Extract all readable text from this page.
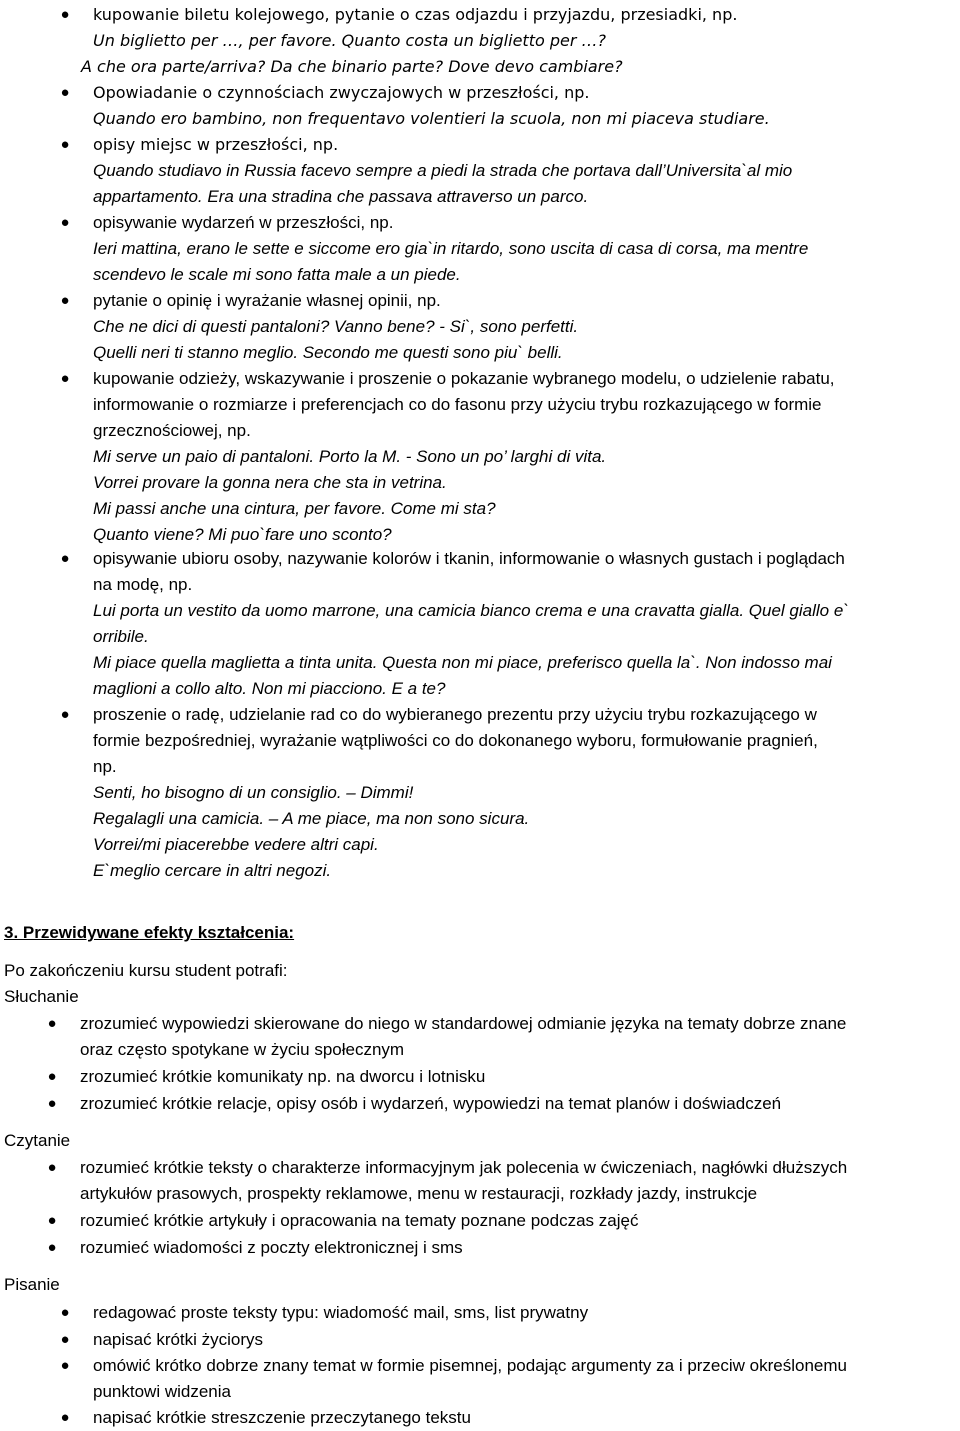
●	kupowanie biletu kolejowego, pytanie o czas odjazdu i przyjazdu, przesiadki, np.
Un biglietto per …, per favore. Quanto costa un biglietto per …?
A che ora parte/arriva? Da che binario parte? Dove devo cambiare?
●	Opowiadanie o czynnościach zwyczajowych w przeszłości, np.
Quando ero bambino, non frequentavo volentieri la scuola, non mi piaceva studiare.
●	opisy miejsc w przeszłości, np.
Quando studiavo in Russia facevo sempre a piedi la strada che portava dall’Universita`al mio
appartamento. Era una stradina che passava attraverso un parco.
●	opisywanie wydarzeń w przeszłości, np.
Ieri mattina, erano le sette e siccome ero gia`in ritardo, sono uscita di casa di corsa, ma mentre
scendevo le scale mi sono fatta male a un piede.
●	pytanie o opinię i wyrażanie własnej opinii, np.
Che ne dici di questi pantaloni? Vanno bene? - Si`, sono perfetti.
Quelli neri ti stanno meglio. Secondo me questi sono piu` belli.
●	kupowanie odzieży, wskazywanie i proszenie o pokazanie wybranego modelu, o udzielenie rabatu,
informowanie o rozmiarze i preferencjach co do fasonu przy użyciu trybu rozkazującego w formie
grzecznościowej, np.
Mi serve un paio di pantaloni. Porto la M. - Sono un po’ larghi di vita.
Vorrei provare la gonna nera che sta in vetrina.
Mi passi anche una cintura, per favore. Come mi sta?
Quanto viene? Mi puo`fare uno sconto?
●	opisywanie ubioru osoby, nazywanie kolorów i tkanin, informowanie o własnych gustach i poglądach
na modę, np.
Lui porta un vestito da uomo marrone, una camicia bianco crema e una cravatta gialla. Quel giallo e`
orribile.
Mi piace quella maglietta a tinta unita. Questa non mi piace, preferisco quella la`. Non indosso mai
maglioni a collo alto. Non mi piacciono. E a te?
●	proszenie o radę, udzielanie rad co do wybieranego prezentu przy użyciu trybu rozkazującego w
formie bezpośredniej, wyrażanie wątpliwości co do dokonanego wyboru, formułowanie pragnień,
np.
Senti, ho bisogno di un consiglio. – Dimmi!
Regalagli una camicia. – A me piace, ma non sono sicura.
Vorrei/mi piacerebbe vedere altri capi.
E`meglio cercare in altri negozi.
3. Przewidywane efekty kształcenia:
Po zakończeniu kursu student potrafi:
Słuchanie
●	zrozumieć wypowiedzi skierowane do niego w standardowej odmianie języka na tematy dobrze znane
oraz często spotykane w życiu społecznym
●	zrozumieć krótkie komunikaty np. na dworcu i lotnisku
●	zrozumieć krótkie relacje, opisy osób i wydarzeń, wypowiedzi na temat planów i doświadczeń
Czytanie
●	rozumieć krótkie teksty o charakterze informacyjnym jak polecenia w ćwiczeniach, nagłówki dłuższych
artykułów prasowych, prospekty reklamowe, menu w restauracji, rozkłady jazdy, instrukcje
●	rozumieć krótkie artykuły i opracowania na tematy poznane podczas zajęć
●	rozumieć wiadomości z poczty elektronicznej i sms
Pisanie
●	redagować proste teksty typu: wiadomość mail, sms, list prywatny
●	napisać krótki życiorys
●	omówić krótko dobrze znany temat w formie pisemnej, podając argumenty za i przeciw określonemu
punktowi widzenia
●	napisać krótkie streszczenie przeczytanego tekstu
